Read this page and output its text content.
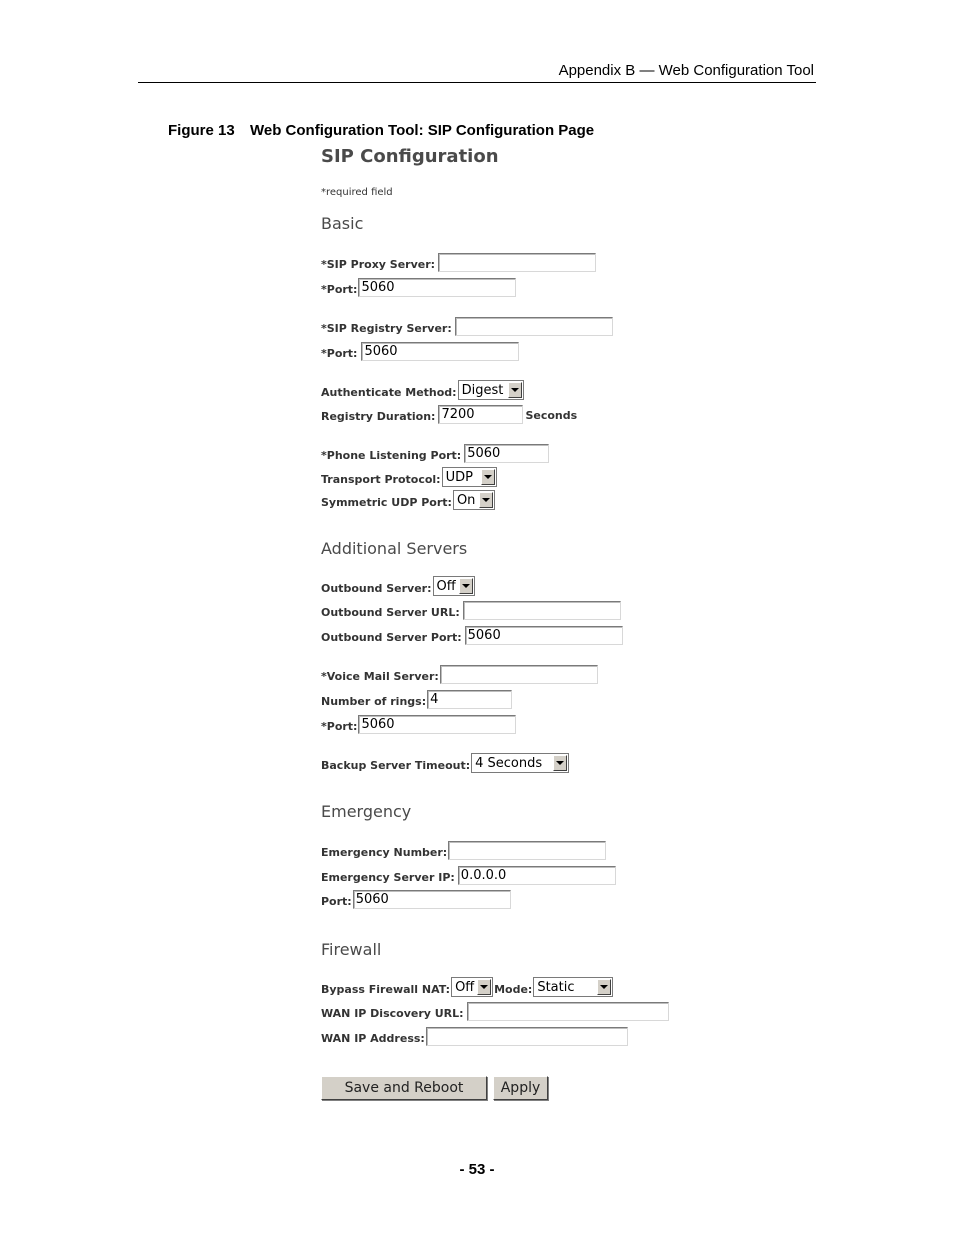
Appendix B — Web Configuration Tool
Figure 13 Web Configuration Tool: SIP Configuration Page
SIP Configuration
*required field
Basic
*SIP Proxy Server:
*Port: 5060
*SIP Registry Server:
*Port: 5060
Authenticate Method: Digest
Registry Duration: 7200	Seconds
*Phone Listening Port: 5060
Transport Protocol: UDP
Symmetric UDP Port: On
Additional Servers
Outbound Server: Off
Outbound Server URL:
Outbound Server Port: 5060
*Voice Mail Server:
Number of rings: 4
*Port: 5060
Backup Server Timeout: 4 Seconds
Emergency
Emergency Number:
Emergency Server IP: 0.0.0.0
Port: 5060
Firewall
Bypass Firewall NAT: Off Mode: Static
WAN IP Discovery URL:
WAN IP Address:
Save and Reboot	Apply
- 53 -
